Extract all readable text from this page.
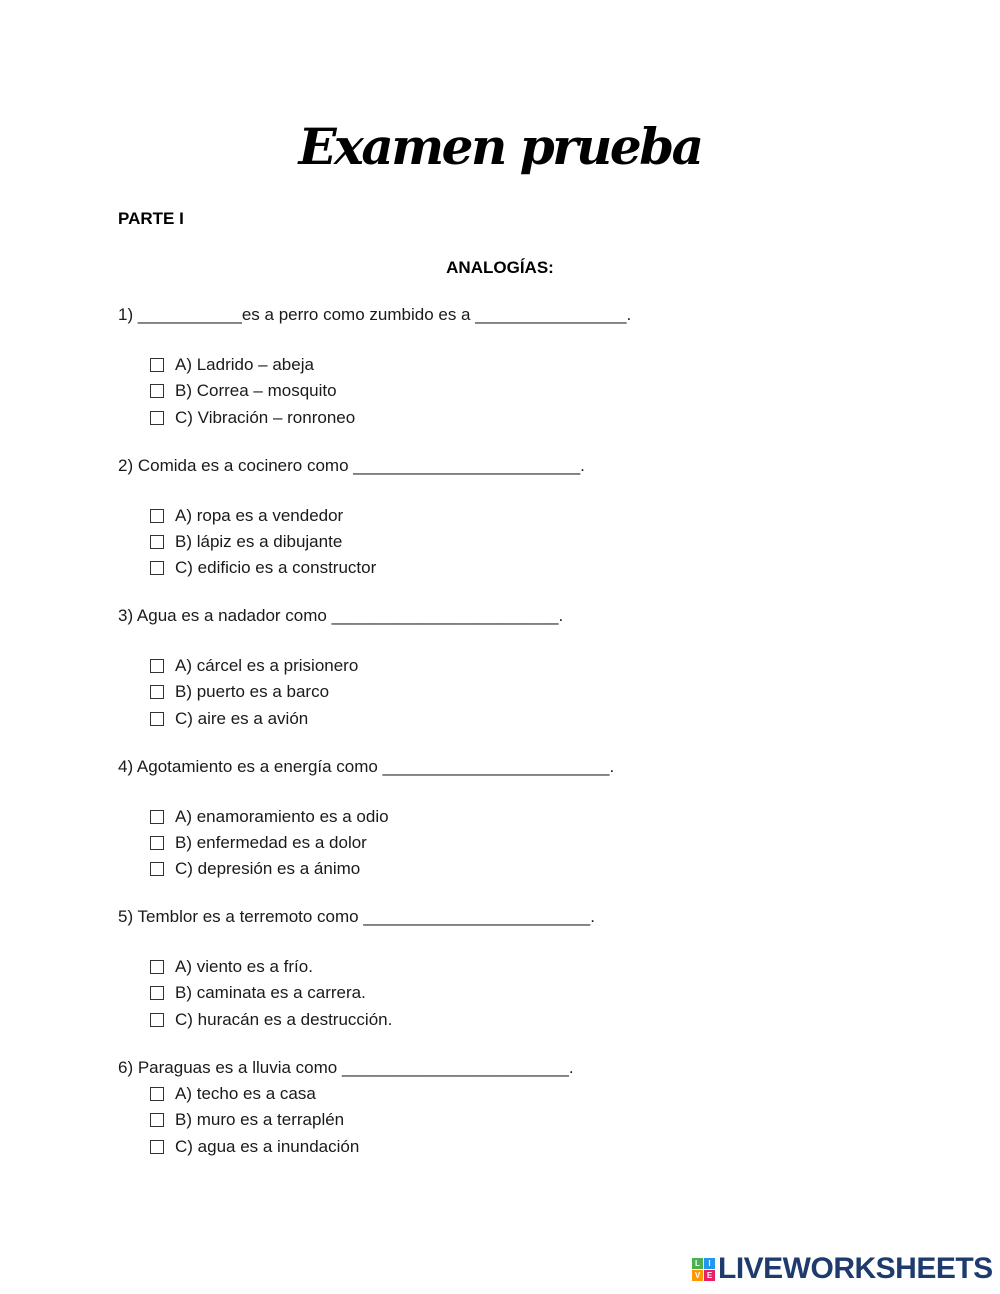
Examen prueba
PARTE I
ANALOGÍAS:
1) ___________es a perro como zumbido es a ________________.
A) Ladrido – abeja
B) Correa – mosquito
C) Vibración – ronroneo
2) Comida es a cocinero como ________________________.
A) ropa es a vendedor
B) lápiz es a dibujante
C) edificio es a constructor
3) Agua es a nadador como ________________________.
A) cárcel es a prisionero
B) puerto es a barco
C) aire es a avión
4) Agotamiento es a energía como ________________________.
A) enamoramiento es a odio
B) enfermedad es a dolor
C) depresión es a ánimo
5) Temblor es a terremoto como ________________________.
A) viento es a frío.
B) caminata es a carrera.
C) huracán es a destrucción.
6) Paraguas es a lluvia como ________________________.
A) techo es a casa
B) muro es a terraplén
C) agua es a inundación
L	I
V E LIVEWORKSHEETS
